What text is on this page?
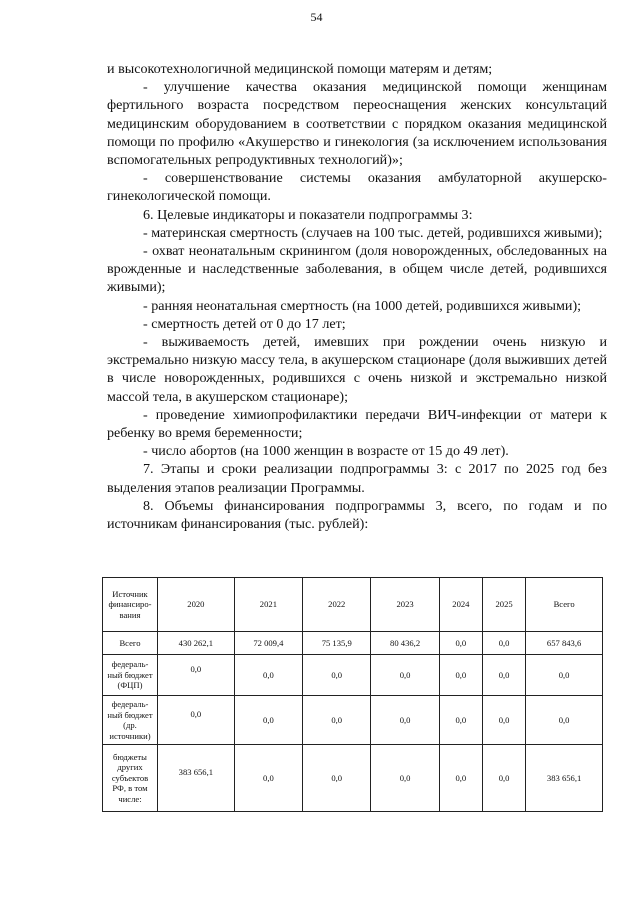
54

и высокотехнологичной медицинской помощи матерям и детям;

- улучшение качества оказания медицинской помощи женщинам фертильного возраста посредством переоснащения женских консультаций медицинским оборудованием в соответствии с порядком оказания медицинской помощи по профилю «Акушерство и гинекология (за исключением использования вспомогательных репродуктивных технологий)»;

- совершенствование системы оказания амбулаторной акушерско-гинекологической помощи.

6. Целевые индикаторы и показатели подпрограммы 3:

- материнская смертность (случаев на 100 тыс. детей, родившихся живыми);

- охват неонатальным скринингом (доля новорожденных, обследованных на врожденные и наследственные заболевания, в общем числе детей, родившихся живыми);

- ранняя неонатальная смертность (на 1000 детей, родившихся живыми);

- смертность детей от 0 до 17 лет;

- выживаемость детей, имевших при рождении очень низкую и экстремально низкую массу тела, в акушерском стационаре (доля выживших детей в числе новорожденных, родившихся с очень низкой и экстремально низкой массой тела, в акушерском стационаре);

- проведение химиопрофилактики передачи ВИЧ-инфекции от матери к ребенку во время беременности;

- число абортов (на 1000 женщин в возрасте от 15 до 49 лет).

7. Этапы и сроки реализации подпрограммы 3: с 2017 по 2025 год без выделения этапов реализации Программы.

8. Объемы финансирования подпрограммы 3, всего, по годам и по источникам финансирования (тыс. рублей):

Источник финансиро-вания	2020	2021	2022	2023	2024	2025	Всего
Всего	430 262,1	72 009,4	75 135,9	80 436,2	0,0	0,0	657 843,6
федераль-ный бюджет (ФЦП)	0,0	0,0	0,0	0,0	0,0	0,0	0,0
федераль-ный бюджет (др. источники)	0,0	0,0	0,0	0,0	0,0	0,0	0,0
бюджеты других субъектов РФ, в том числе:	383 656,1	0,0	0,0	0,0	0,0	0,0	383 656,1
